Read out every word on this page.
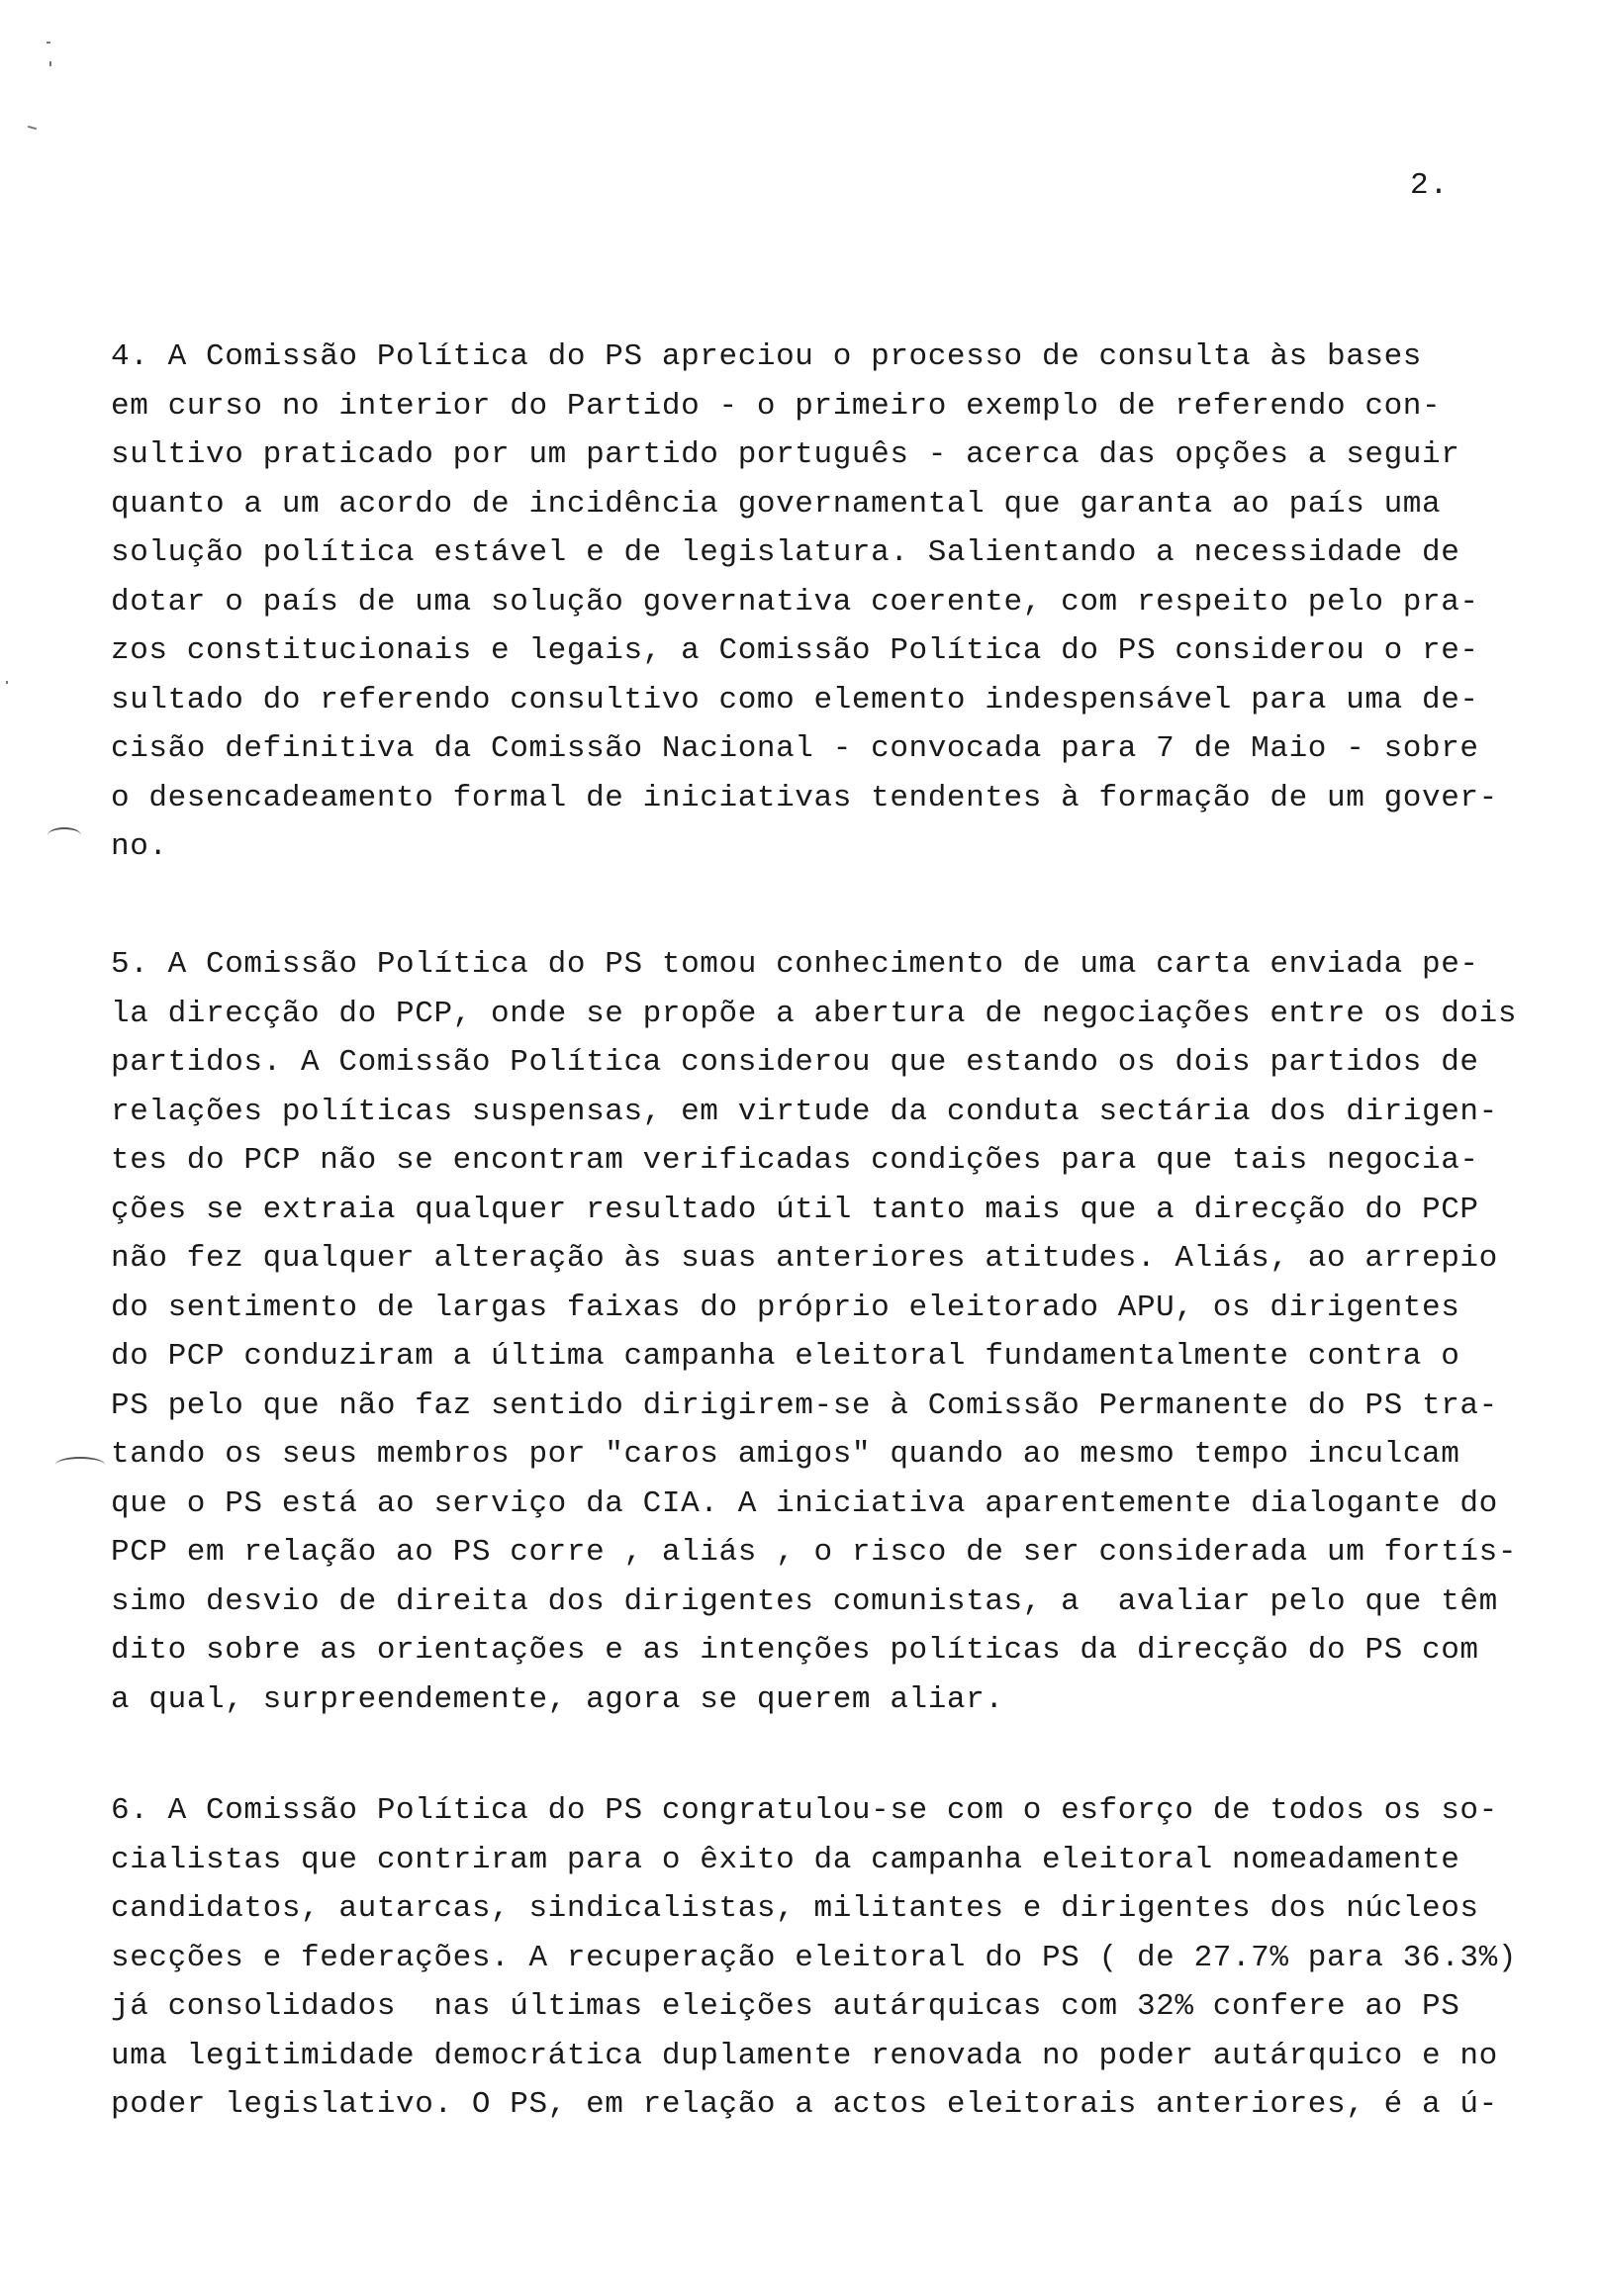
2.
4. A Comissão Política do PS apreciou o processo de consulta às bases
em curso no interior do Partido - o primeiro exemplo de referendo con-
sultivo praticado por um partido português - acerca das opções a seguir
quanto a um acordo de incidência governamental que garanta ao país uma
solução política estável e de legislatura. Salientando a necessidade de
dotar o país de uma solução governativa coerente, com respeito pelo pra-
zos constitucionais e legais, a Comissão Política do PS considerou o re-
sultado do referendo consultivo como elemento indespensável para uma de-
cisão definitiva da Comissão Nacional - convocada para 7 de Maio - sobre
o desencadeamento formal de iniciativas tendentes à formação de um gover-
no.
5. A Comissão Política do PS tomou conhecimento de uma carta enviada pe-
la direcção do PCP, onde se propõe a abertura de negociações entre os dois
partidos. A Comissão Política considerou que estando os dois partidos de
relações políticas suspensas, em virtude da conduta sectária dos dirigen-
tes do PCP não se encontram verificadas condições para que tais negocia-
ções se extraia qualquer resultado útil tanto mais que a direcção do PCP
não fez qualquer alteração às suas anteriores atitudes. Aliás, ao arrepio
do sentimento de largas faixas do próprio eleitorado APU, os dirigentes
do PCP conduziram a última campanha eleitoral fundamentalmente contra o
PS pelo que não faz sentido dirigirem-se à Comissão Permanente do PS tra-
tando os seus membros por "caros amigos" quando ao mesmo tempo inculcam
que o PS está ao serviço da CIA. A iniciativa aparentemente dialogante do
PCP em relação ao PS corre , aliás , o risco de ser considerada um fortís-
simo desvio de direita dos dirigentes comunistas, a  avaliar pelo que têm
dito sobre as orientações e as intenções políticas da direcção do PS com
a qual, surpreendemente, agora se querem aliar.
6. A Comissão Política do PS congratulou-se com o esforço de todos os so-
cialistas que contriram para o êxito da campanha eleitoral nomeadamente
candidatos, autarcas, sindicalistas, militantes e dirigentes dos núcleos
secções e federações. A recuperação eleitoral do PS ( de 27.7% para 36.3%)
já consolidados  nas últimas eleições autárquicas com 32% confere ao PS
uma legitimidade democrática duplamente renovada no poder autárquico e no
poder legislativo. O PS, em relação a actos eleitorais anteriores, é a ú-
